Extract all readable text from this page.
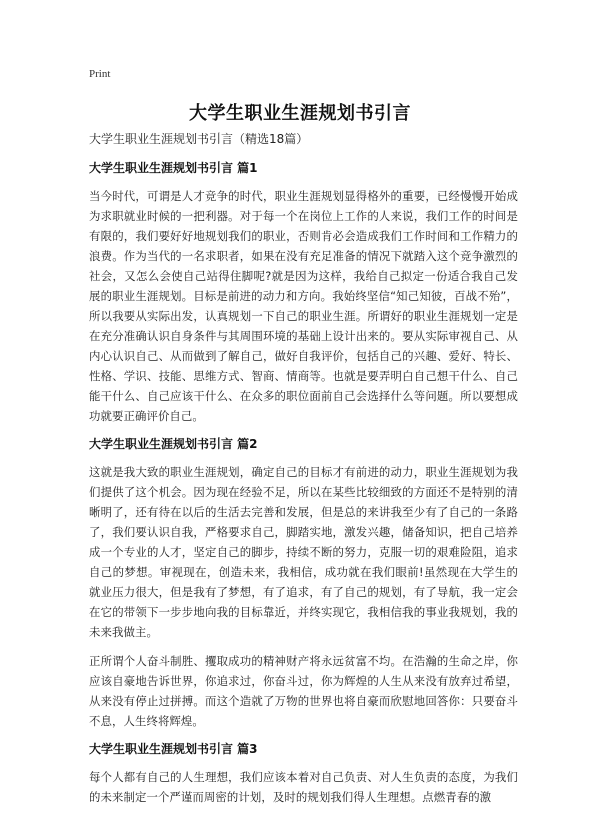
Print
大学生职业生涯规划书引言

大学生职业生涯规划书引言（精选18篇）

大学生职业生涯规划书引言 篇1

当今时代，可谓是人才竞争的时代，职业生涯规划显得格外的重要，已经慢慢开始成为求职就业时候的一把利器。对于每一个在岗位上工作的人来说，我们工作的时间是有限的，我们要好好地规划我们的职业，否则肯必会造成我们工作时间和工作精力的浪费。作为当代的一名求职者，如果在没有充足准备的情况下就踏入这个竞争激烈的社会，又怎么会使自己站得住脚呢?就是因为这样，我给自己拟定一份适合我自己发展的职业生涯规划。目标是前进的动力和方向。我始终坚信“知己知彼，百战不殆”，所以我要从实际出发，认真规划一下自己的职业生涯。所谓好的职业生涯规划一定是在充分准确认识自身条件与其周围环境的基础上设计出来的。要从实际审视自己、从内心认识自己、从而做到了解自己，做好自我评价，包括自己的兴趣、爱好、特长、性格、学识、技能、思维方式、智商、情商等。也就是要弄明白自己想干什么、自己能干什么、自己应该干什么、在众多的职位面前自己会选择什么等问题。所以要想成功就要正确评价自己。

大学生职业生涯规划书引言 篇2

这就是我大致的职业生涯规划，确定自己的目标才有前进的动力，职业生涯规划为我们提供了这个机会。因为现在经验不足，所以在某些比较细致的方面还不是特别的清晰明了，还有待在以后的生活去完善和发展，但是总的来讲我至少有了自己的一条路了，我们要认识自我，严格要求自己，脚踏实地，激发兴趣，储备知识，把自己培养成一个专业的人才，坚定自己的脚步，持续不断的努力，克服一切的艰难险阻，追求自己的梦想。审视现在，创造未来，我相信，成功就在我们眼前!虽然现在大学生的就业压力很大，但是我有了梦想，有了追求，有了自己的规划，有了导航，我一定会在它的带领下一步步地向我的目标靠近，并终实现它，我相信我的事业我规划，我的未来我做主。

正所谓个人奋斗制胜、攫取成功的精神财产将永远贫富不均。在浩瀚的生命之岸，你应该自豪地告诉世界，你追求过，你奋斗过，你为辉煌的人生从来没有放弃过希望，从来没有停止过拼搏。而这个造就了万物的世界也将自豪而欣慰地回答你：只要奋斗不息，人生终将辉煌。

大学生职业生涯规划书引言 篇3

每个人都有自己的人生理想，我们应该本着对自己负责、对人生负责的态度，为我们的未来制定一个严谨而周密的计划，及时的规划我们得人生理想。点燃青春的激
